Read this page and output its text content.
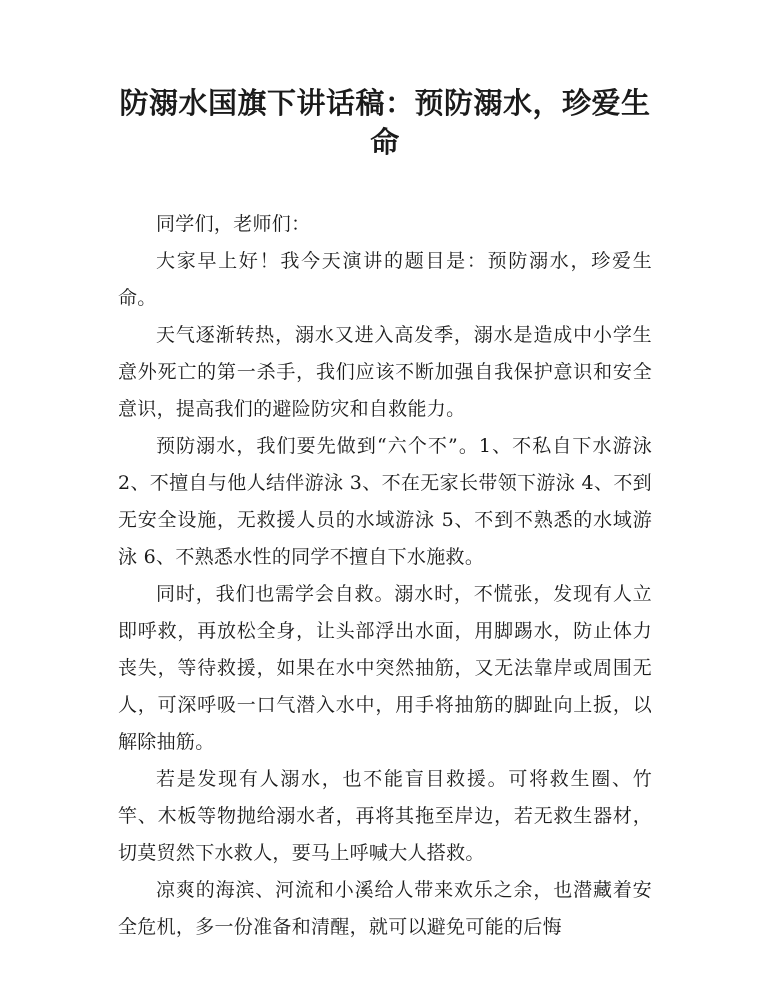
防溺水国旗下讲话稿：预防溺水，珍爱生命

同学们，老师们：

大家早上好！我今天演讲的题目是：预防溺水，珍爱生命。

天气逐渐转热，溺水又进入高发季，溺水是造成中小学生意外死亡的第一杀手，我们应该不断加强自我保护意识和安全意识，提高我们的避险防灾和自救能力。

预防溺水，我们要先做到“六个不”。1、不私自下水游泳 2、不擅自与他人结伴游泳 3、不在无家长带领下游泳 4、不到无安全设施，无救援人员的水域游泳 5、不到不熟悉的水域游泳 6、不熟悉水性的同学不擅自下水施救。

同时，我们也需学会自救。溺水时，不慌张，发现有人立即呼救，再放松全身，让头部浮出水面，用脚踢水，防止体力丧失，等待救援，如果在水中突然抽筋，又无法靠岸或周围无人，可深呼吸一口气潜入水中，用手将抽筋的脚趾向上扳，以解除抽筋。

若是发现有人溺水，也不能盲目救援。可将救生圈、竹竿、木板等物抛给溺水者，再将其拖至岸边，若无救生器材，切莫贸然下水救人，要马上呼喊大人搭救。

凉爽的海滨、河流和小溪给人带来欢乐之余，也潜藏着安全危机，多一份准备和清醒，就可以避免可能的后悔
